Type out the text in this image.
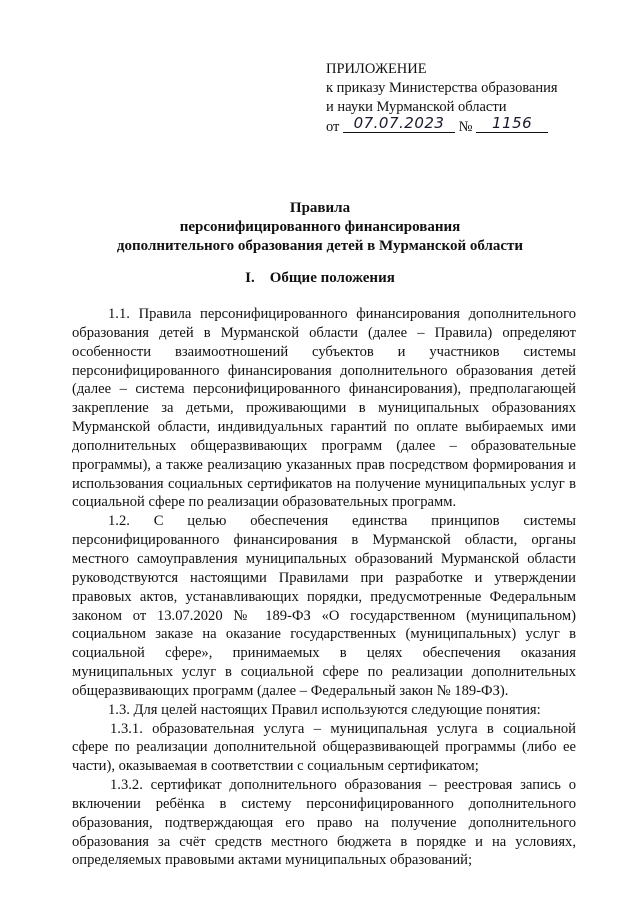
ПРИЛОЖЕНИЕ
к приказу Министерства образования
и науки Мурманской области
от 07.07.2023 № 1156
Правила
персонифицированного финансирования
дополнительного образования детей в Мурманской области
I.    Общие положения

1.1. Правила персонифицированного финансирования дополнительного образования детей в Мурманской области (далее – Правила) определяют особенности взаимоотношений субъектов и участников системы персонифицированного финансирования дополнительного образования детей (далее – система персонифицированного финансирования), предполагающей закрепление за детьми, проживающими в муниципальных образованиях Мурманской области, индивидуальных гарантий по оплате выбираемых ими дополнительных общеразвивающих программ (далее – образовательные программы), а также реализацию указанных прав посредством формирования и использования социальных сертификатов на получение муниципальных услуг в социальной сфере по реализации образовательных программ.

1.2. С целью обеспечения единства принципов системы персонифицированного финансирования в Мурманской области, органы местного самоуправления муниципальных образований Мурманской области руководствуются настоящими Правилами при разработке и утверждении правовых актов, устанавливающих порядки, предусмотренные Федеральным законом от 13.07.2020 № 189-ФЗ «О государственном (муниципальном) социальном заказе на оказание государственных (муниципальных) услуг в социальной сфере», принимаемых в целях обеспечения оказания муниципальных услуг в социальной сфере по реализации дополнительных общеразвивающих программ (далее – Федеральный закон № 189-ФЗ).

1.3. Для целей настоящих Правил используются следующие понятия:

1.3.1. образовательная услуга – муниципальная услуга в социальной сфере по реализации дополнительной общеразвивающей программы (либо ее части), оказываемая в соответствии с социальным сертификатом;

1.3.2. сертификат дополнительного образования – реестровая запись о включении ребёнка в систему персонифицированного дополнительного образования, подтверждающая его право на получение дополнительного образования за счёт средств местного бюджета в порядке и на условиях, определяемых правовыми актами муниципальных образований;
